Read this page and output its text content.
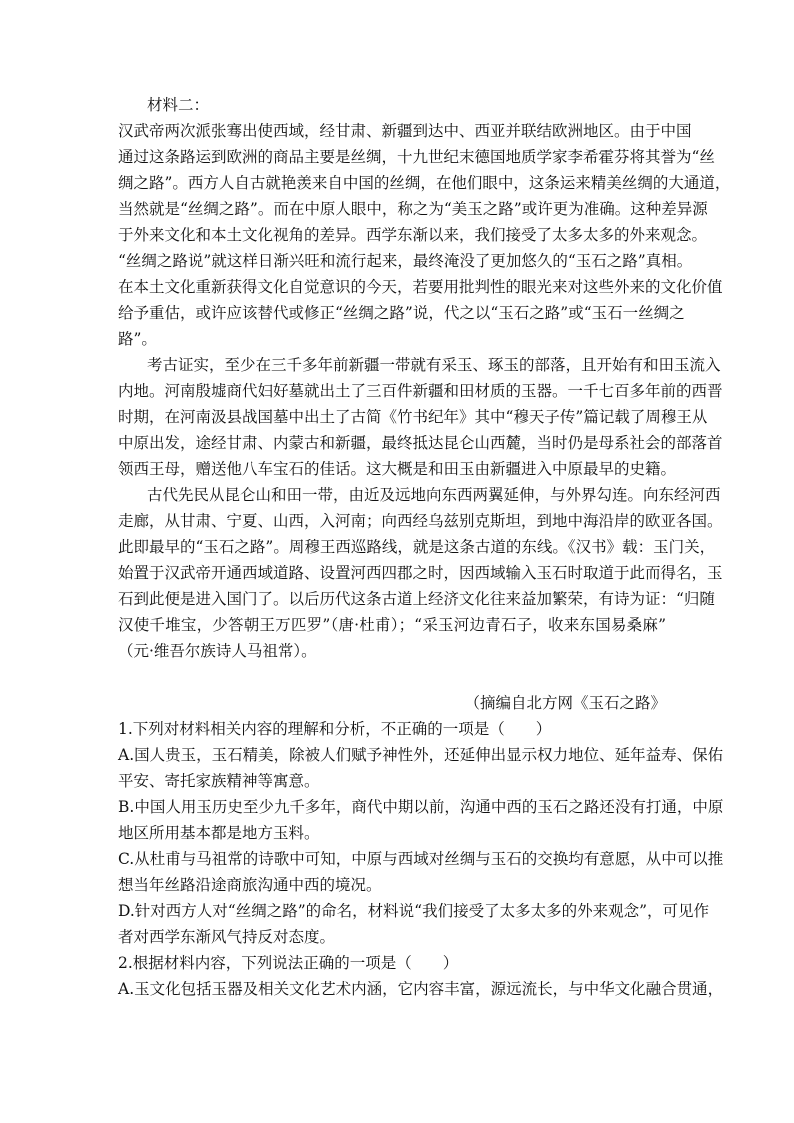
材料二：

汉武帝两次派张骞出使西域，经甘肃、新疆到达中、西亚并联结欧洲地区。由于中国

通过这条路运到欧洲的商品主要是丝绸，十九世纪末德国地质学家李希霍芬将其誉为“丝

绸之路”。西方人自古就艳羡来自中国的丝绸，在他们眼中，这条运来精美丝绸的大通道，

当然就是“丝绸之路”。而在中原人眼中，称之为“美玉之路”或许更为准确。这种差异源

于外来文化和本土文化视角的差异。西学东渐以来，我们接受了太多太多的外来观念。

“丝绸之路说”就这样日渐兴旺和流行起来，最终淹没了更加悠久的“玉石之路”真相。

在本土文化重新获得文化自觉意识的今天，若要用批判性的眼光来对这些外来的文化价值

给予重估，或许应该替代或修正“丝绸之路”说，代之以“玉石之路”或“玉石一丝绸之

路”。

考古证实，至少在三千多年前新疆一带就有采玉、琢玉的部落，且开始有和田玉流入

内地。河南殷墟商代妇好墓就出土了三百件新疆和田材质的玉器。一千七百多年前的西晋

时期，在河南汲县战国墓中出土了古简《竹书纪年》其中“穆天子传”篇记载了周穆王从

中原出发，途经甘肃、内蒙古和新疆，最终抵达昆仑山西麓，当时仍是母系社会的部落首

领西王母，赠送他八车宝石的佳话。这大概是和田玉由新疆进入中原最早的史籍。

古代先民从昆仑山和田一带，由近及远地向东西两翼延伸，与外界勾连。向东经河西

走廊，从甘肃、宁夏、山西，入河南；向西经乌兹别克斯坦，到地中海沿岸的欧亚各国。

此即最早的“玉石之路”。周穆王西巡路线，就是这条古道的东线。《汉书》载：玉门关，

始置于汉武帝开通西域道路、设置河西四郡之时，因西域输入玉石时取道于此而得名，玉

石到此便是进入国门了。以后历代这条古道上经济文化往来益加繁荣，有诗为证：“归随

汉使千堆宝，少答朝王万匹罗”（唐·杜甫）；“采玉河边青石子，收来东国易桑麻”

（元·维吾尔族诗人马祖常）。

（摘编自北方网《玉石之路》

1.下列对材料相关内容的理解和分析，不正确的一项是（　　）

A.国人贵玉，玉石精美，除被人们赋予神性外，还延伸出显示权力地位、延年益寿、保佑

平安、寄托家族精神等寓意。

B.中国人用玉历史至少九千多年，商代中期以前，沟通中西的玉石之路还没有打通，中原

地区所用基本都是地方玉料。

C.从杜甫与马祖常的诗歌中可知，中原与西域对丝绸与玉石的交换均有意愿，从中可以推

想当年丝路沿途商旅沟通中西的境况。

D.针对西方人对“丝绸之路”的命名，材料说“我们接受了太多太多的外来观念”，可见作

者对西学东渐风气持反对态度。

2.根据材料内容，下列说法正确的一项是（　　）

A.玉文化包括玉器及相关文化艺术内涵，它内容丰富，源远流长，与中华文化融合贯通，
